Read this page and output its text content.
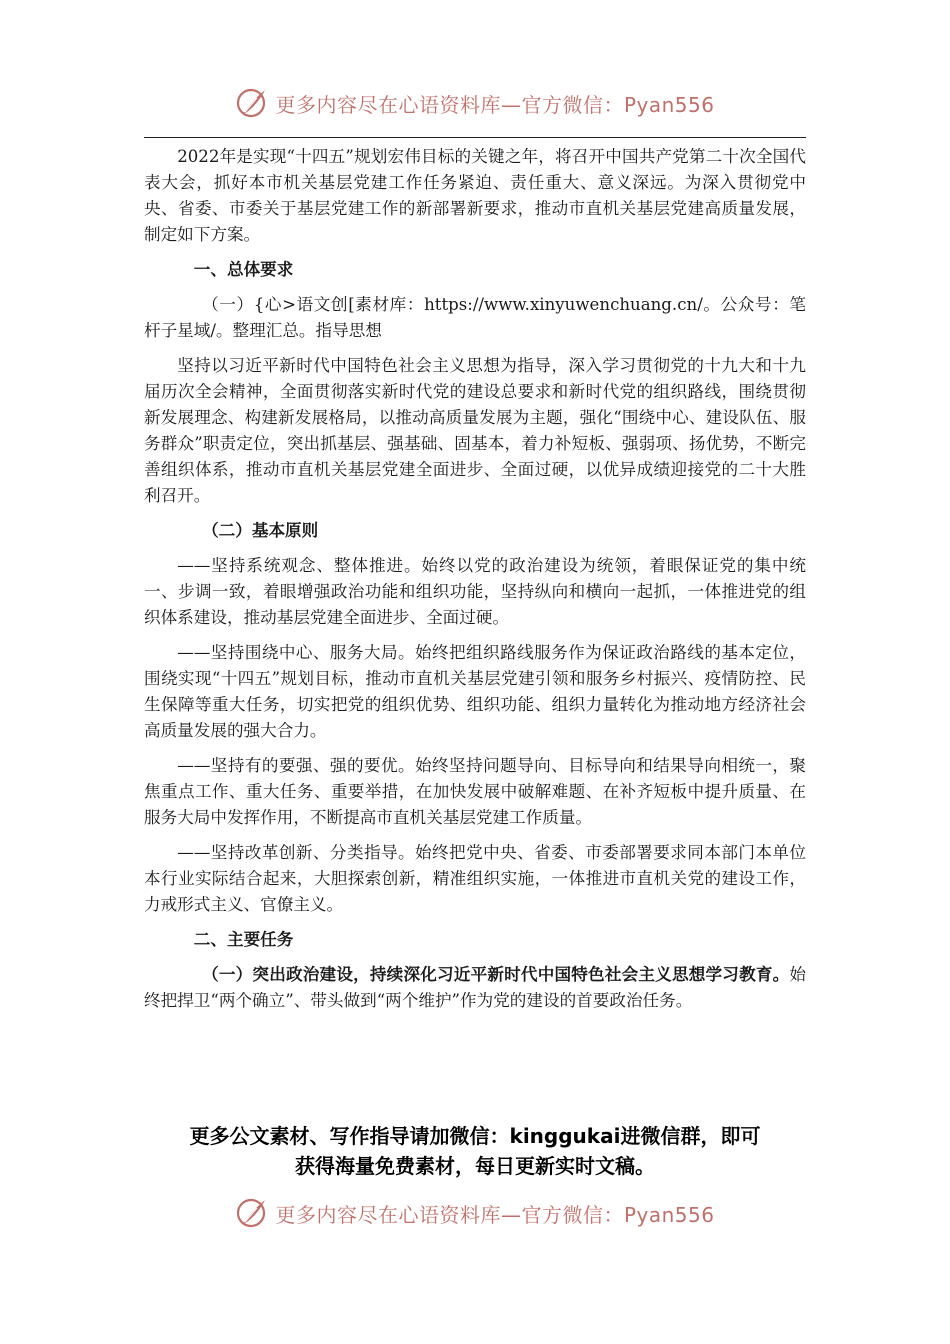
更多内容尽在心语资料库—官方微信：Pyan556

2022年是实现“十四五”规划宏伟目标的关键之年，将召开中国共产党第二十次全国代表大会，抓好本市机关基层党建工作任务紧迫、责任重大、意义深远。为深入贯彻党中央、省委、市委关于基层党建工作的新部署新要求，推动市直机关基层党建高质量发展，制定如下方案。

一、总体要求

（一）{心>语文创[素材库：https://www.xinyuwenchuang.cn/。公众号：笔杆子星域/。整理汇总。指导思想

坚持以习近平新时代中国特色社会主义思想为指导，深入学习贯彻党的十九大和十九届历次全会精神，全面贯彻落实新时代党的建设总要求和新时代党的组织路线，围绕贯彻新发展理念、构建新发展格局，以推动高质量发展为主题，强化“围绕中心、建设队伍、服务群众”职责定位，突出抓基层、强基础、固基本，着力补短板、强弱项、扬优势，不断完善组织体系，推动市直机关基层党建全面进步、全面过硬，以优异成绩迎接党的二十大胜利召开。

（二）基本原则

——坚持系统观念、整体推进。始终以党的政治建设为统领，着眼保证党的集中统一、步调一致，着眼增强政治功能和组织功能，坚持纵向和横向一起抓，一体推进党的组织体系建设，推动基层党建全面进步、全面过硬。

——坚持围绕中心、服务大局。始终把组织路线服务作为保证政治路线的基本定位，围绕实现“十四五”规划目标，推动市直机关基层党建引领和服务乡村振兴、疫情防控、民生保障等重大任务，切实把党的组织优势、组织功能、组织力量转化为推动地方经济社会高质量发展的强大合力。

——坚持有的要强、强的要优。始终坚持问题导向、目标导向和结果导向相统一，聚焦重点工作、重大任务、重要举措，在加快发展中破解难题、在补齐短板中提升质量、在服务大局中发挥作用，不断提高市直机关基层党建工作质量。

——坚持改革创新、分类指导。始终把党中央、省委、市委部署要求同本部门本单位本行业实际结合起来，大胆探索创新，精准组织实施，一体推进市直机关党的建设工作，力戒形式主义、官僚主义。

二、主要任务

（一）突出政治建设，持续深化习近平新时代中国特色社会主义思想学习教育。始终把捍卫“两个确立”、带头做到“两个维护”作为党的建设的首要政治任务。

更多公文素材、写作指导请加微信：kinggukai进微信群，即可
获得海量免费素材，每日更新实时文稿。
更多内容尽在心语资料库—官方微信：Pyan556
